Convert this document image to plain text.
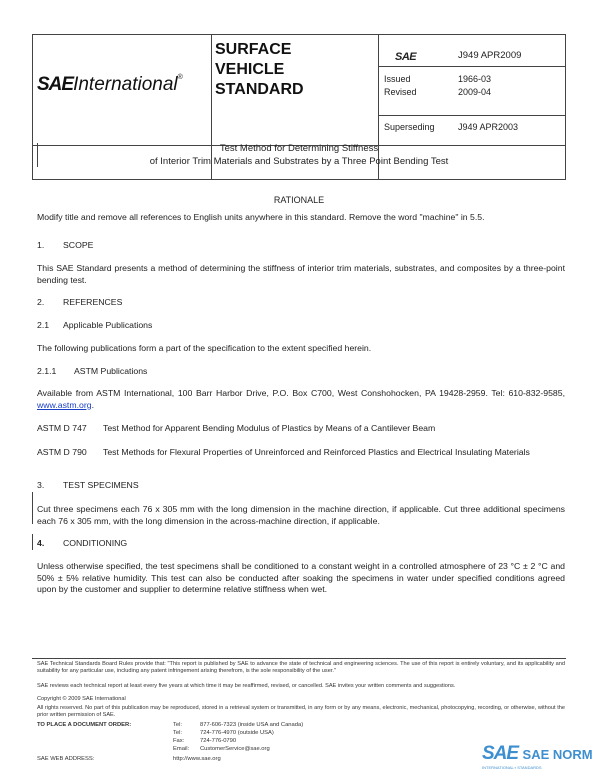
SAEInternational®
SURFACE
VEHICLE
STANDARD
SAE	J949 APR2009
Issued	1966-03
Revised	2009-04
Superseding	J949 APR2003
Test Method for Determining Stiffness
of Interior Trim Materials and Substrates by a Three Point Bending Test
RATIONALE
Modify title and remove all references to English units anywhere in this standard. Remove the word "machine" in 5.5.
1. SCOPE
This SAE Standard presents a method of determining the stiffness of interior trim materials, substrates, and composites by a three-point bending test.
2. REFERENCES
2.1 Applicable Publications
The following publications form a part of the specification to the extent specified herein.
2.1.1 ASTM Publications
Available from ASTM International, 100 Barr Harbor Drive, P.O. Box C700, West Conshohocken, PA 19428-2959. Tel: 610-832-9585, www.astm.org.
ASTM D 747 Test Method for Apparent Bending Modulus of Plastics by Means of a Cantilever Beam
ASTM D 790 Test Methods for Flexural Properties of Unreinforced and Reinforced Plastics and Electrical Insulating Materials
3. TEST SPECIMENS
Cut three specimens each 76 x 305 mm with the long dimension in the machine direction, if applicable. Cut three additional specimens each 76 x 305 mm, with the long dimension in the across-machine direction, if applicable.
4. CONDITIONING
Unless otherwise specified, the test specimens shall be conditioned to a constant weight in a controlled atmosphere of 23 °C ± 2 °C and 50% ± 5% relative humidity. This test can also be conducted after soaking the specimens in water under specified conditions agreed upon by the customer and supplier to determine relative stiffness when wet.
SAE Technical Standards Board Rules provide that: "This report is published by SAE to advance the state of technical and engineering sciences. The use of this report is entirely voluntary, and its applicability and suitability for any particular use, including any patent infringement arising therefrom, is the sole responsibility of the user."
SAE reviews each technical report at least every five years at which time it may be reaffirmed, revised, or cancelled. SAE invites your written comments and suggestions.
Copyright © 2009 SAE International
All rights reserved. No part of this publication may be reproduced, stored in a retrieval system or transmitted, in any form or by any means, electronic, mechanical, photocopying, recording, or otherwise, without the prior written permission of SAE.
TO PLACE A DOCUMENT ORDER:	Tel:	877-606-7323 (inside USA and Canada)
Tel:	724-776-4970 (outside USA)
Fax:	724-776-0790
Email: CustomerService@sae.org
SAE WEB ADDRESS:	http://www.sae.org	SAE SAE NORM
INTERNATIONAL ▪ STANDARDS
